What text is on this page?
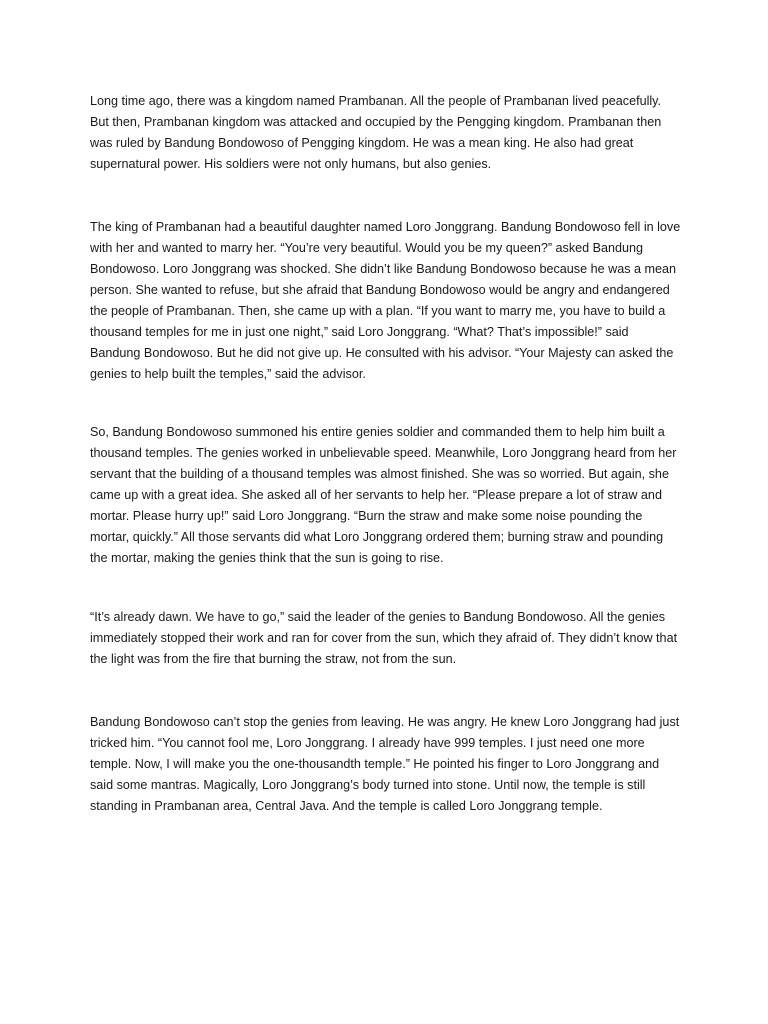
Long time ago, there was a kingdom named Prambanan. All the people of Prambanan lived peacefully. But then, Prambanan kingdom was attacked and occupied by the Pengging kingdom. Prambanan then was ruled by Bandung Bondowoso of Pengging kingdom. He was a mean king. He also had great supernatural power. His soldiers were not only humans, but also genies.

The king of Prambanan had a beautiful daughter named Loro Jonggrang. Bandung Bondowoso fell in love with her and wanted to marry her. “You’re very beautiful. Would you be my queen?” asked Bandung Bondowoso. Loro Jonggrang was shocked. She didn’t like Bandung Bondowoso because he was a mean person. She wanted to refuse, but she afraid that Bandung Bondowoso would be angry and endangered the people of Prambanan. Then, she came up with a plan. “If you want to marry me, you have to build a thousand temples for me in just one night,” said Loro Jonggrang. “What? That’s impossible!” said Bandung Bondowoso. But he did not give up. He consulted with his advisor. “Your Majesty can asked the genies to help built the temples,” said the advisor.

So, Bandung Bondowoso summoned his entire genies soldier and commanded them to help him built a thousand temples. The genies worked in unbelievable speed. Meanwhile, Loro Jonggrang heard from her servant that the building of a thousand temples was almost finished. She was so worried. But again, she came up with a great idea. She asked all of her servants to help her. “Please prepare a lot of straw and mortar. Please hurry up!” said Loro Jonggrang. “Burn the straw and make some noise pounding the mortar, quickly.” All those servants did what Loro Jonggrang ordered them; burning straw and pounding the mortar, making the genies think that the sun is going to rise.

“It’s already dawn. We have to go,” said the leader of the genies to Bandung Bondowoso. All the genies immediately stopped their work and ran for cover from the sun, which they afraid of. They didn’t know that the light was from the fire that burning the straw, not from the sun.

Bandung Bondowoso can’t stop the genies from leaving. He was angry. He knew Loro Jonggrang had just tricked him. “You cannot fool me, Loro Jonggrang. I already have 999 temples. I just need one more temple. Now, I will make you the one-thousandth temple.” He pointed his finger to Loro Jonggrang and said some mantras. Magically, Loro Jonggrang’s body turned into stone. Until now, the temple is still standing in Prambanan area, Central Java. And the temple is called Loro Jonggrang temple.
